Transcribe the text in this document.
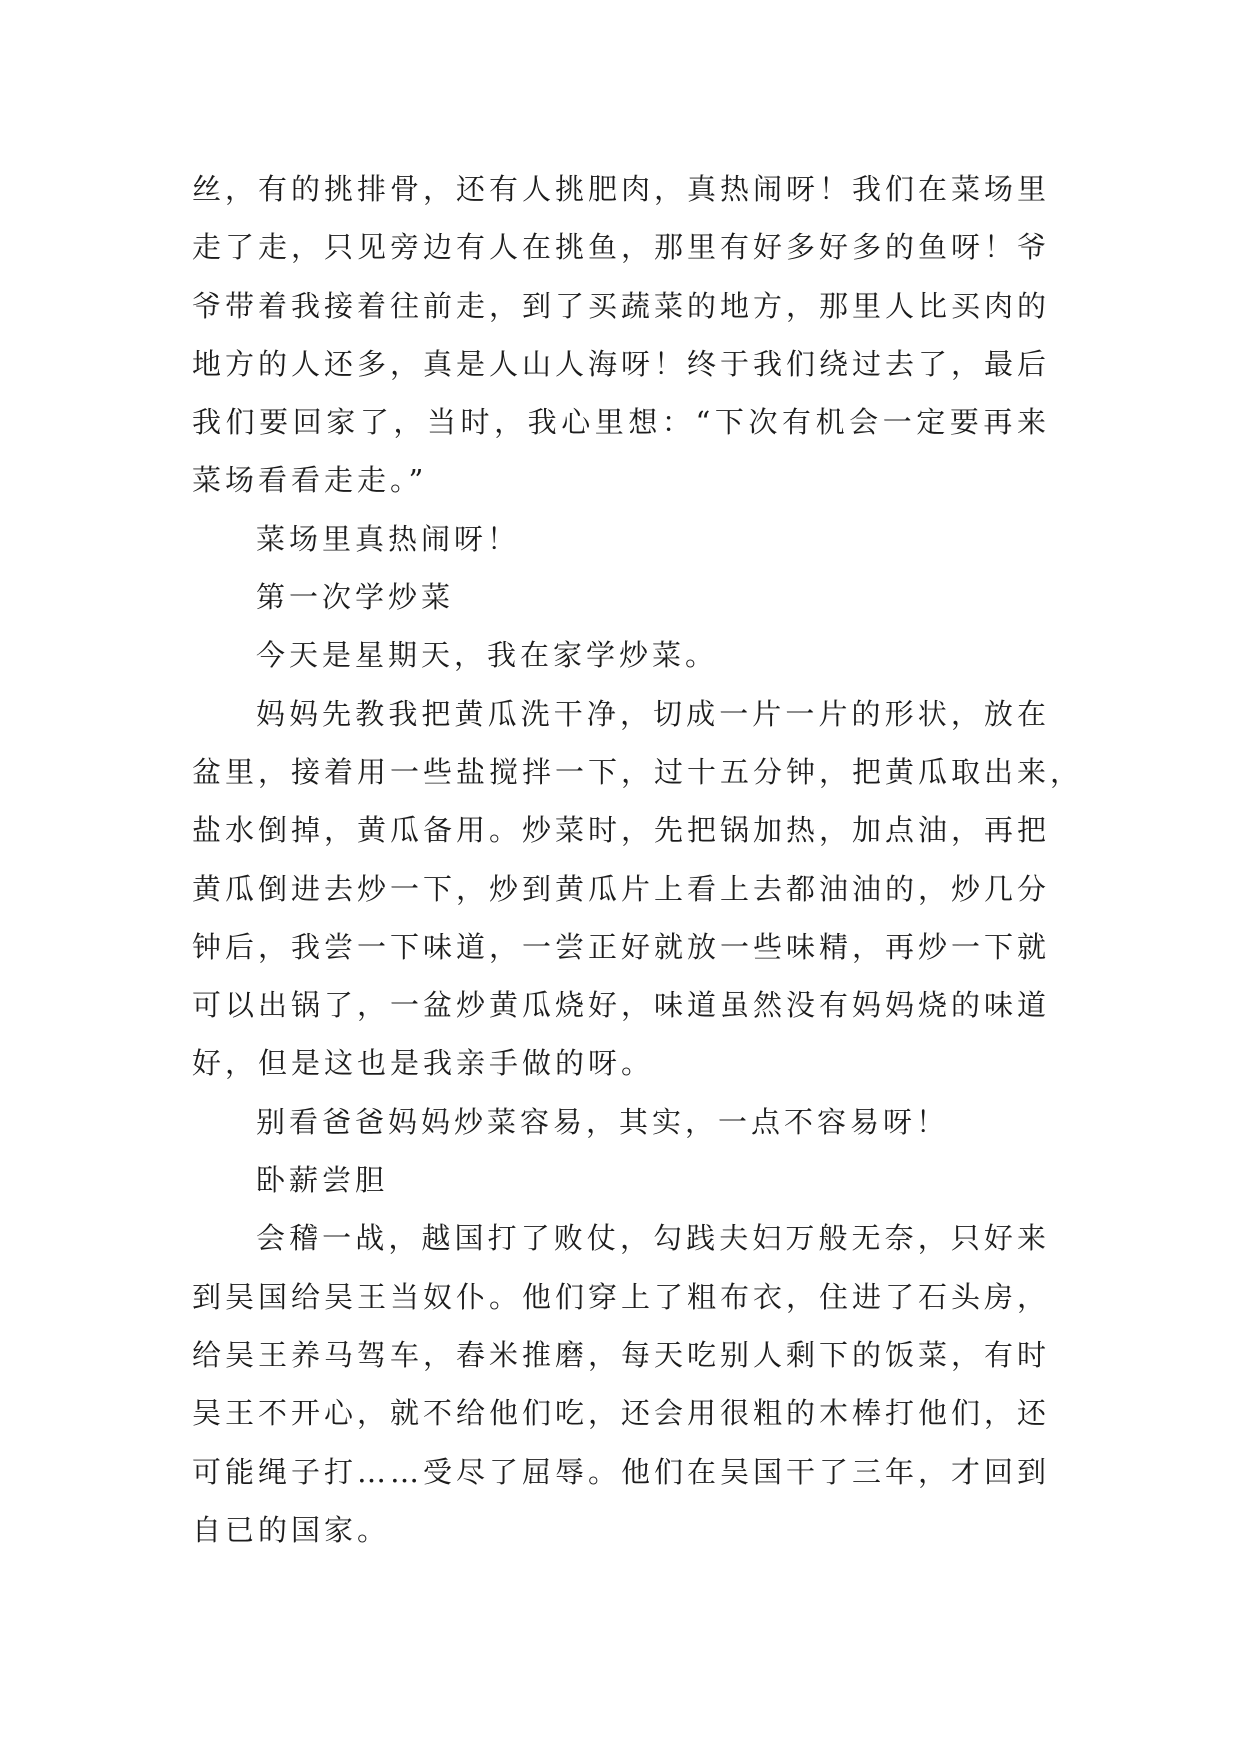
丝，有的挑排骨，还有人挑肥肉，真热闹呀！我们在菜场里
走了走，只见旁边有人在挑鱼，那里有好多好多的鱼呀！爷
爷带着我接着往前走，到了买蔬菜的地方，那里人比买肉的
地方的人还多，真是人山人海呀！终于我们绕过去了，最后
我们要回家了，当时，我心里想：“下次有机会一定要再来
菜场看看走走。”
菜场里真热闹呀！
第一次学炒菜
今天是星期天，我在家学炒菜。
妈妈先教我把黄瓜洗干净，切成一片一片的形状，放在
盆里，接着用一些盐搅拌一下，过十五分钟，把黄瓜取出来，
盐水倒掉，黄瓜备用。炒菜时，先把锅加热，加点油，再把
黄瓜倒进去炒一下，炒到黄瓜片上看上去都油油的，炒几分
钟后，我尝一下味道，一尝正好就放一些味精，再炒一下就
可以出锅了，一盆炒黄瓜烧好，味道虽然没有妈妈烧的味道
好，但是这也是我亲手做的呀。
别看爸爸妈妈炒菜容易，其实，一点不容易呀！
卧薪尝胆
会稽一战，越国打了败仗，勾践夫妇万般无奈，只好来
到吴国给吴王当奴仆。他们穿上了粗布衣，住进了石头房，
给吴王养马驾车，舂米推磨，每天吃别人剩下的饭菜，有时
吴王不开心，就不给他们吃，还会用很粗的木棒打他们，还
可能绳子打……受尽了屈辱。他们在吴国干了三年，才回到
自已的国家。
